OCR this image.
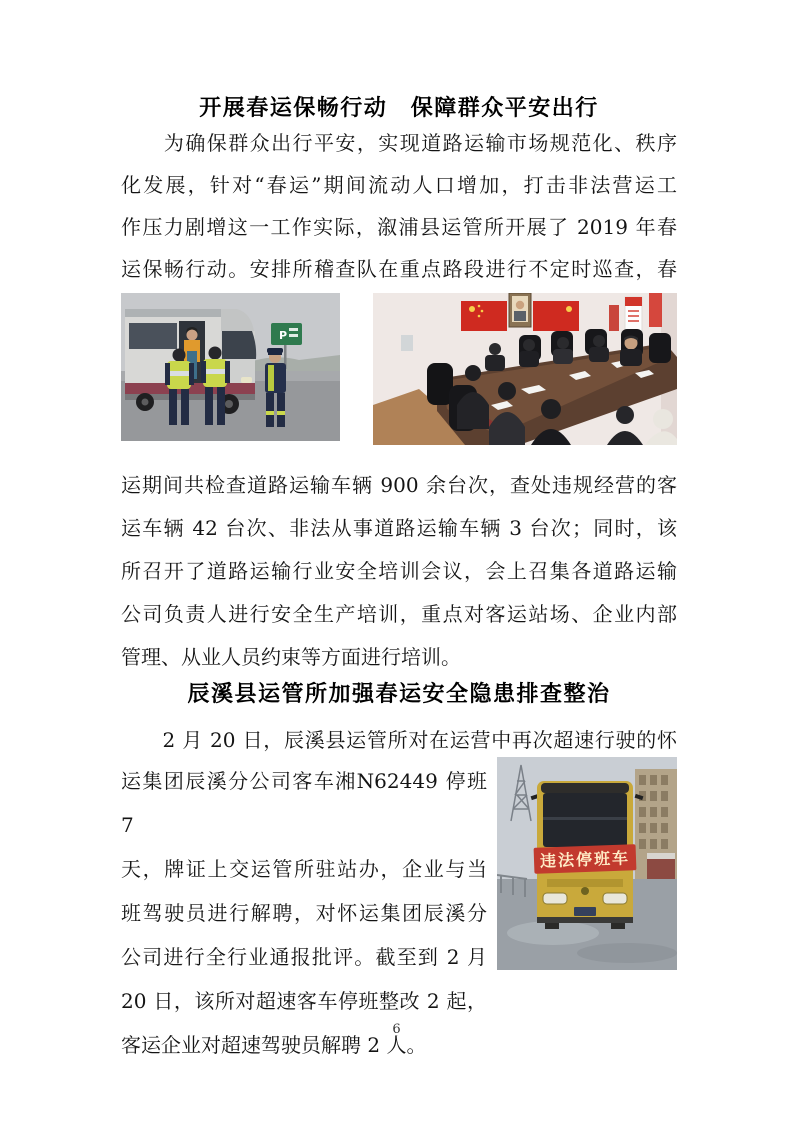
开展春运保畅行动　保障群众平安出行
　　为确保群众出行平安，实现道路运输市场规范化、秩序
化发展，针对“春运”期间流动人口增加，打击非法营运工
作压力剧增这一工作实际，溆浦县运管所开展了 2019 年春
运保畅行动。安排所稽查队在重点路段进行不定时巡查，春
P
运期间共检查道路运输车辆 900 余台次，查处违规经营的客
运车辆 42 台次、非法从事道路运输车辆 3 台次；同时，该
所召开了道路运输行业安全培训会议，会上召集各道路运输
公司负责人进行安全生产培训，重点对客运站场、企业内部
管理、从业人员约束等方面进行培训。
辰溪县运管所加强春运安全隐患排查整治
　　2 月 20 日，辰溪县运管所对在运营中再次超速行驶的怀
运集团辰溪分公司客车湘N62449 停班 7
天，牌证上交运管所驻站办，企业与当
班驾驶员进行解聘，对怀运集团辰溪分
公司进行全行业通报批评。截至到 2 月
20 日，该所对超速客车停班整改 2 起，
客运企业对超速驾驶员解聘 2 人。
违法停班车
6
